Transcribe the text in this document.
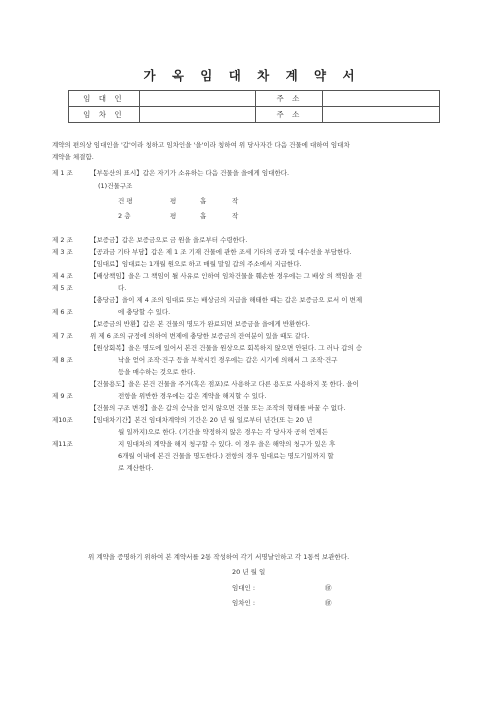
가 옥 임 대 차 계 약 서
임 대 인		주 소	
임 차 인		주 소	
계약의 편의상 임대인을 '갑'이라 칭하고 임차인을 '을'이라 칭하여 위 당사자간 다음 건물에 대하여 임대차
계약을 체결함.
제 1 조	【부동산의 표시】갑은 자기가 소유하는 다음 건물을 을에게 임대한다.
(1)건물구조
건 평	평	홉	작
2 층	평	홉	작
제 2 조	【보증금】갑은 보증금으로 금 원을 을로부터 수령한다.
제 3 조	【공과금 기타 부담】갑은 제 1 조 기재 건물에 관한 조세 기타의 공과 및 대수선을 부담한다.
【임대료】임대료는 1개월 원으로 하고 매월 말일 갑의 주소에서 지급한다.
제 4 조	【배상책임】을은 그 책임이 될 사유로 인하여 임차건물을 훼손한 경우에는 그 배상 의 책임을 진
제 5 조	다.
【충당금】을이 제 4 조의 임대료 또는 배상금의 지급을 해태한 때는 갑은 보증금으 로서 이 변제
제 6 조	에 충당할 수 있다.
【보증금의 반환】갑은 본 건물의 명도가 완료되면 보증금을 을에게 반환한다.
제 7 조	위 제 6 조의 규정에 의하여 변제에 충당한 보증금의 잔여분이 있을 때도 같다.
【원상회복】을은 명도에 있어서 본건 건물을 원상으로 회복하지 않으면 안된다. 그 러나 갑의 승
제 8 조	낙을 얻어 조작·건구 등을 부착시킨 경우에는 갑은 시기에 의해서 그 조작·건구
등을 매수하는 것으로 한다.
【건물용도】을은 본건 건물을 주거(혹은 점포)로 사용하고 다른 용도로 사용하지 못 한다. 을이
제 9 조	전항을 위반한 경우에는 갑은 계약을 해지할 수 있다.
【건물의 구조 변경】을은 갑의 승낙을 얻지 않으면 건물 또는 조작의 형태를 바꿀 수 없다.
제10조	【임대차기간】본건 임대차계약의 기간은 20 년 월 일로부터 년간(또 는 20 년
월 일까지)으로 한다. (기간을 약정하지 않은 경우는 각 당사자 공히 언제든
제11조	지 임대차의 계약을 해지 청구할 수 있다. 이 경우 을은 해약의 청구가 있은 후
6개월 이내에 본건 건물을 명도한다.) 전항의 경우 임대료는 명도기일까지 할
로 계산한다.
위 계약을 증명하기 위하여 본 계약서를 2통 작성하여 각기 서명날인하고 각 1통씩 보관한다.
20 년 월 일
임대인 :	㊞
임차인 :	㊞
